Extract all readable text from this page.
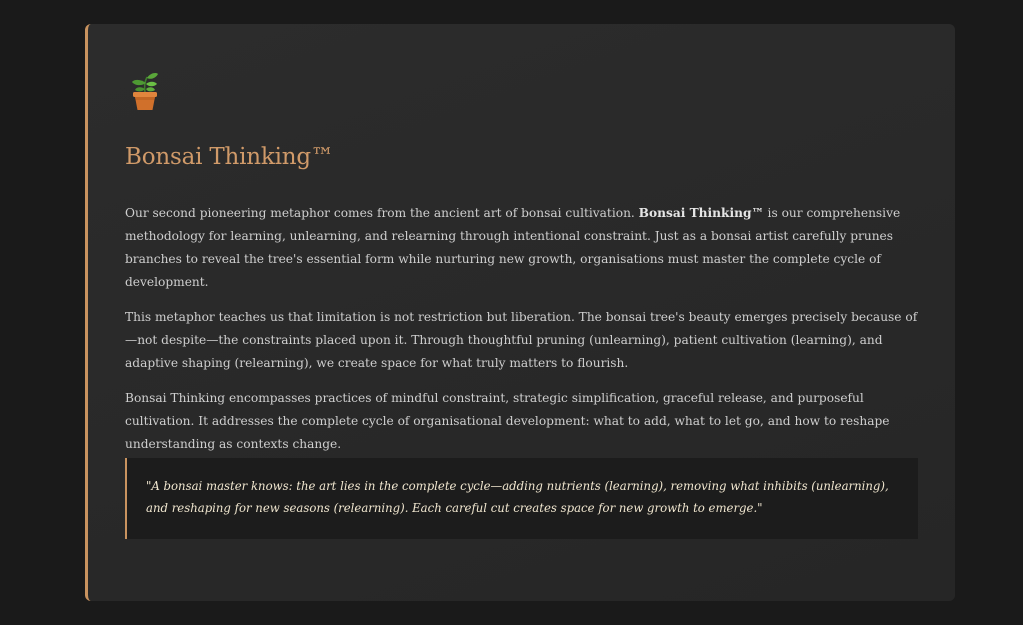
Bonsai Thinking™

Our second pioneering metaphor comes from the ancient art of bonsai cultivation. Bonsai Thinking™ is our comprehensive methodology for learning, unlearning, and relearning through intentional constraint. Just as a bonsai artist carefully prunes branches to reveal the tree's essential form while nurturing new growth, organisations must master the complete cycle of development.

This metaphor teaches us that limitation is not restriction but liberation. The bonsai tree's beauty emerges precisely because of—not despite—the constraints placed upon it. Through thoughtful pruning (unlearning), patient cultivation (learning), and adaptive shaping (relearning), we create space for what truly matters to flourish.

Bonsai Thinking encompasses practices of mindful constraint, strategic simplification, graceful release, and purposeful cultivation. It addresses the complete cycle of organisational development: what to add, what to let go, and how to reshape understanding as contexts change.

"A bonsai master knows: the art lies in the complete cycle—adding nutrients (learning), removing what inhibits (unlearning), and reshaping for new seasons (relearning). Each careful cut creates space for new growth to emerge."
